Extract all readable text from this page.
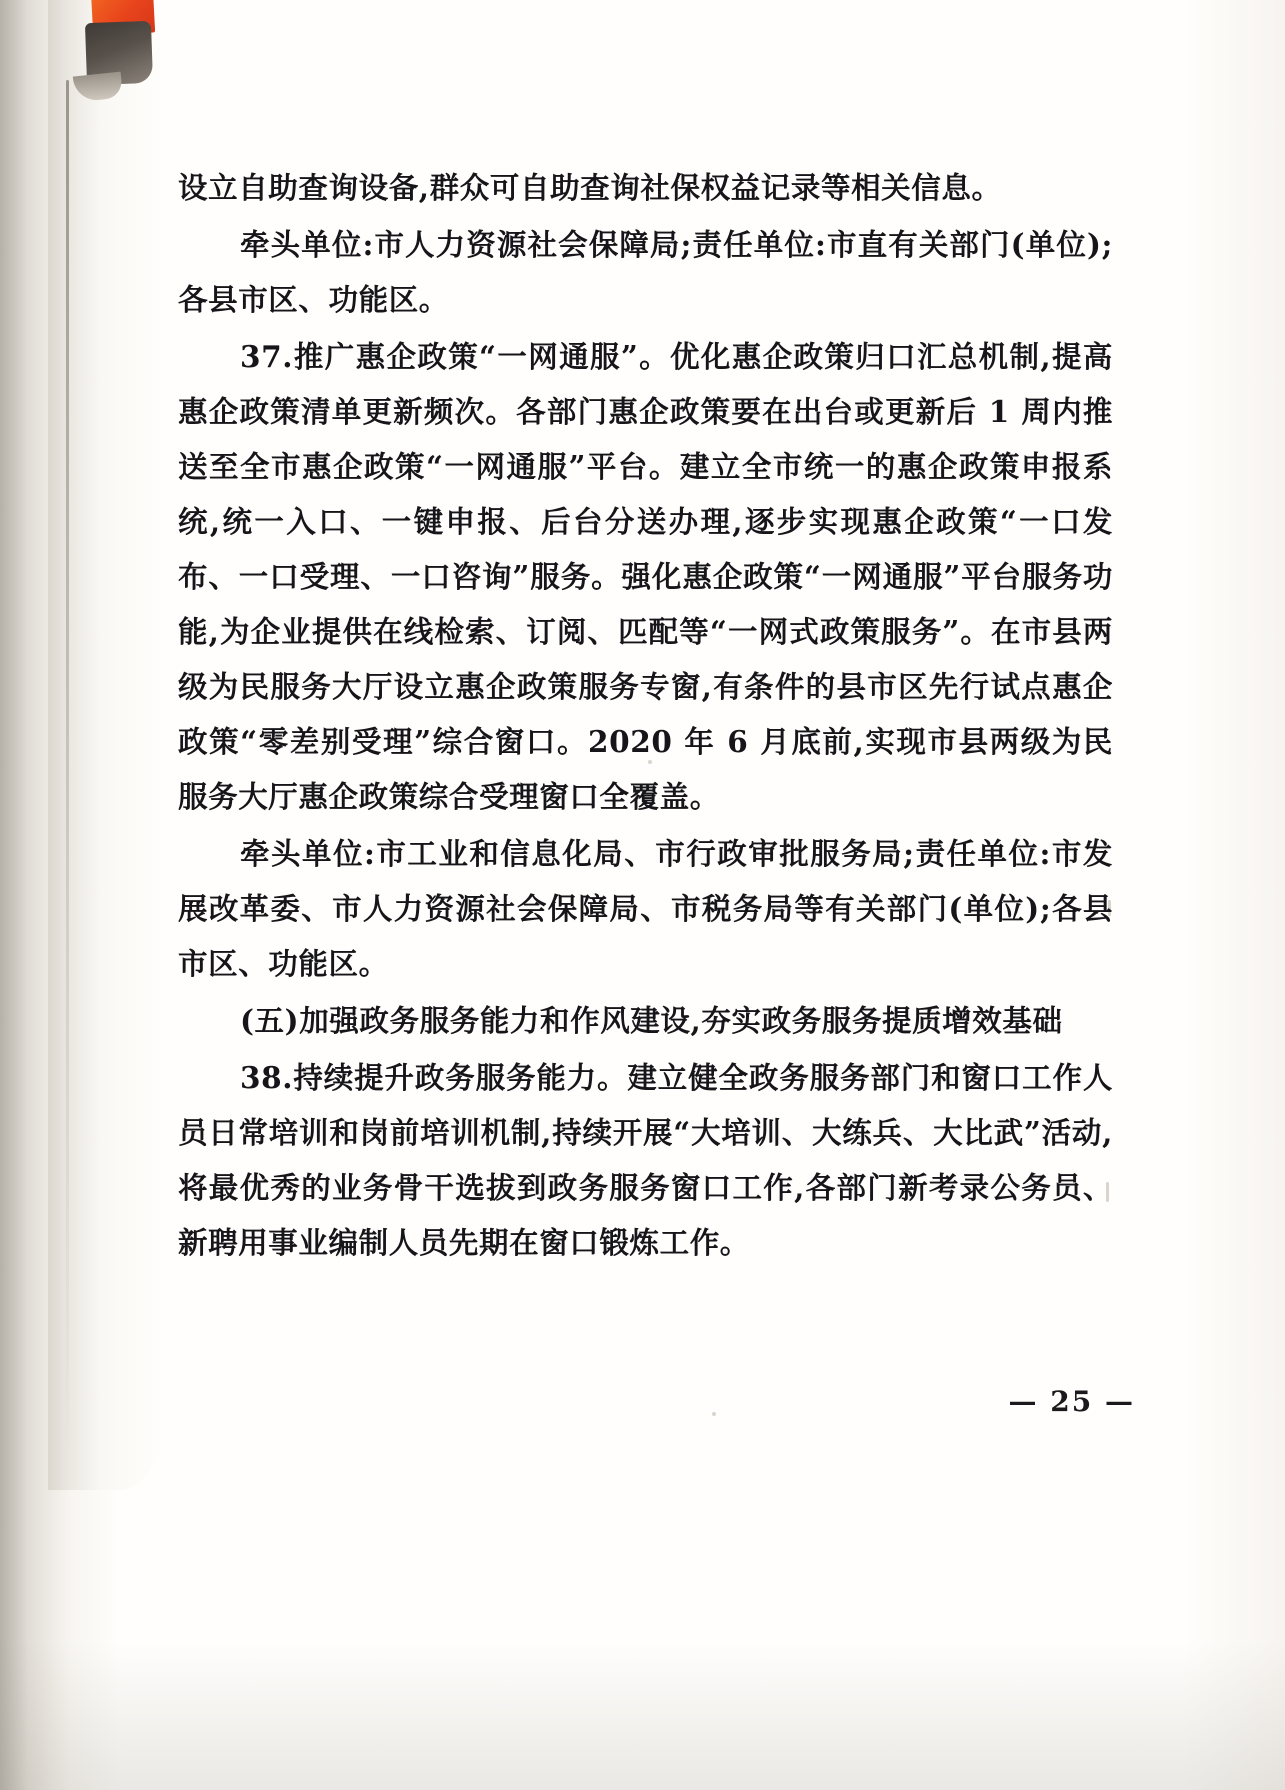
设立自助查询设备,群众可自助查询社保权益记录等相关信息。

牵头单位:市人力资源社会保障局;责任单位:市直有关部门(单位);各县市区、功能区。

37.推广惠企政策“一网通服”。优化惠企政策归口汇总机制,提高惠企政策清单更新频次。各部门惠企政策要在出台或更新后 1 周内推送至全市惠企政策“一网通服”平台。建立全市统一的惠企政策申报系统,统一入口、一键申报、后台分送办理,逐步实现惠企政策“一口发布、一口受理、一口咨询”服务。强化惠企政策“一网通服”平台服务功能,为企业提供在线检索、订阅、匹配等“一网式政策服务”。在市县两级为民服务大厅设立惠企政策服务专窗,有条件的县市区先行试点惠企政策“零差别受理”综合窗口。2020 年 6 月底前,实现市县两级为民服务大厅惠企政策综合受理窗口全覆盖。

牵头单位:市工业和信息化局、市行政审批服务局;责任单位:市发展改革委、市人力资源社会保障局、市税务局等有关部门(单位);各县市区、功能区。

(五)加强政务服务能力和作风建设,夯实政务服务提质增效基础

38.持续提升政务服务能力。建立健全政务服务部门和窗口工作人员日常培训和岗前培训机制,持续开展“大培训、大练兵、大比武”活动,将最优秀的业务骨干选拔到政务服务窗口工作,各部门新考录公务员、新聘用事业编制人员先期在窗口锻炼工作。

— 25 —
